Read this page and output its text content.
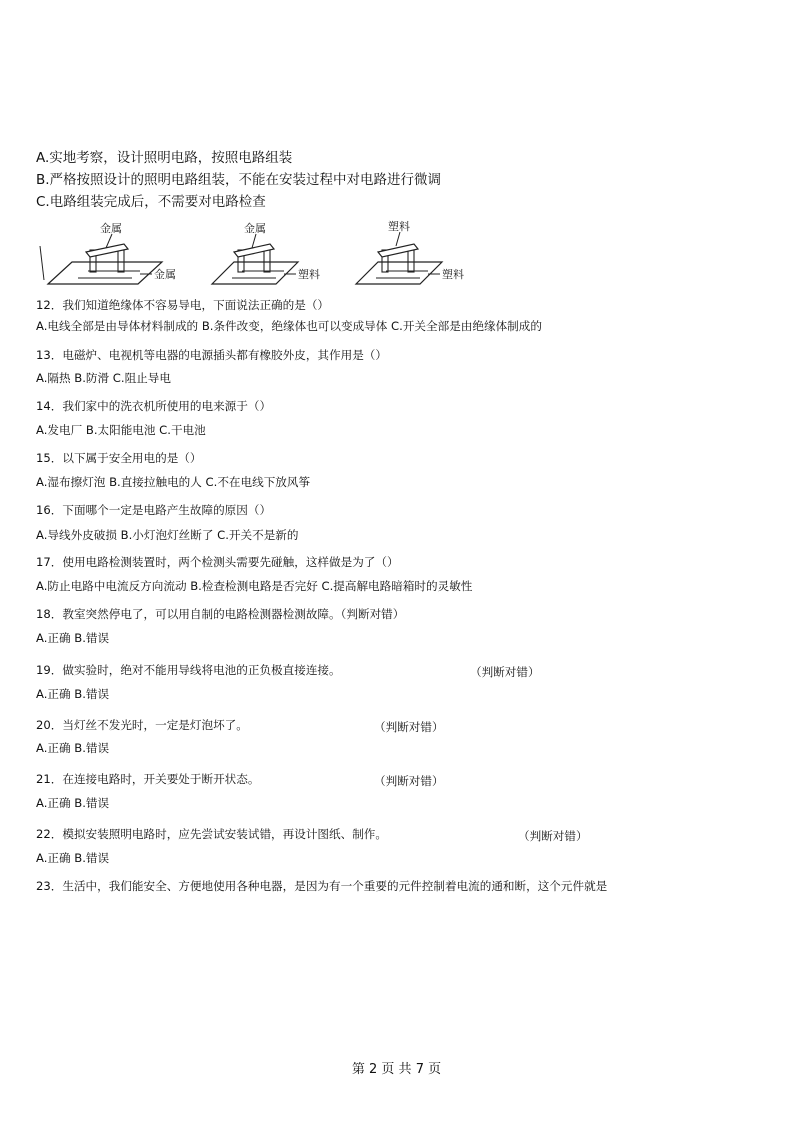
A.实地考察，设计照明电路，按照电路组装
B.严格按照设计的照明电路组装，不能在安装过程中对电路进行微调
C.电路组装完成后，不需要对电路检查
金属
金属
金属
塑料
塑料
塑料
12．我们知道绝缘体不容易导电，下面说法正确的是（）
A.电线全部是由导体材料制成的 B.条件改变，绝缘体也可以变成导体 C.开关全部是由绝缘体制成的
13．电磁炉、电视机等电器的电源插头都有橡胶外皮，其作用是（）
A.隔热 B.防滑 C.阻止导电
14．我们家中的洗衣机所使用的电来源于（）
A.发电厂 B.太阳能电池 C.干电池
15．以下属于安全用电的是（）
A.湿布擦灯泡 B.直接拉触电的人 C.不在电线下放风筝
16．下面哪个一定是电路产生故障的原因（）
A.导线外皮破损 B.小灯泡灯丝断了 C.开关不是新的
17．使用电路检测装置时，两个检测头需要先碰触，这样做是为了（）
A.防止电路中电流反方向流动 B.检查检测电路是否完好 C.提高解电路暗箱时的灵敏性
18．教室突然停电了，可以用自制的电路检测器检测故障。（判断对错）
A.正确 B.错误
19．做实验时，绝对不能用导线将电池的正负极直接连接。	（判断对错）
A.正确 B.错误
20．当灯丝不发光时，一定是灯泡坏了。	（判断对错）
A.正确 B.错误
21．在连接电路时，开关要处于断开状态。	（判断对错）
A.正确 B.错误
22．模拟安装照明电路时，应先尝试安装试错，再设计图纸、制作。	（判断对错）
A.正确 B.错误
23．生活中，我们能安全、方便地使用各种电器，是因为有一个重要的元件控制着电流的通和断，这个元件就是
第 2 页 共 7 页
